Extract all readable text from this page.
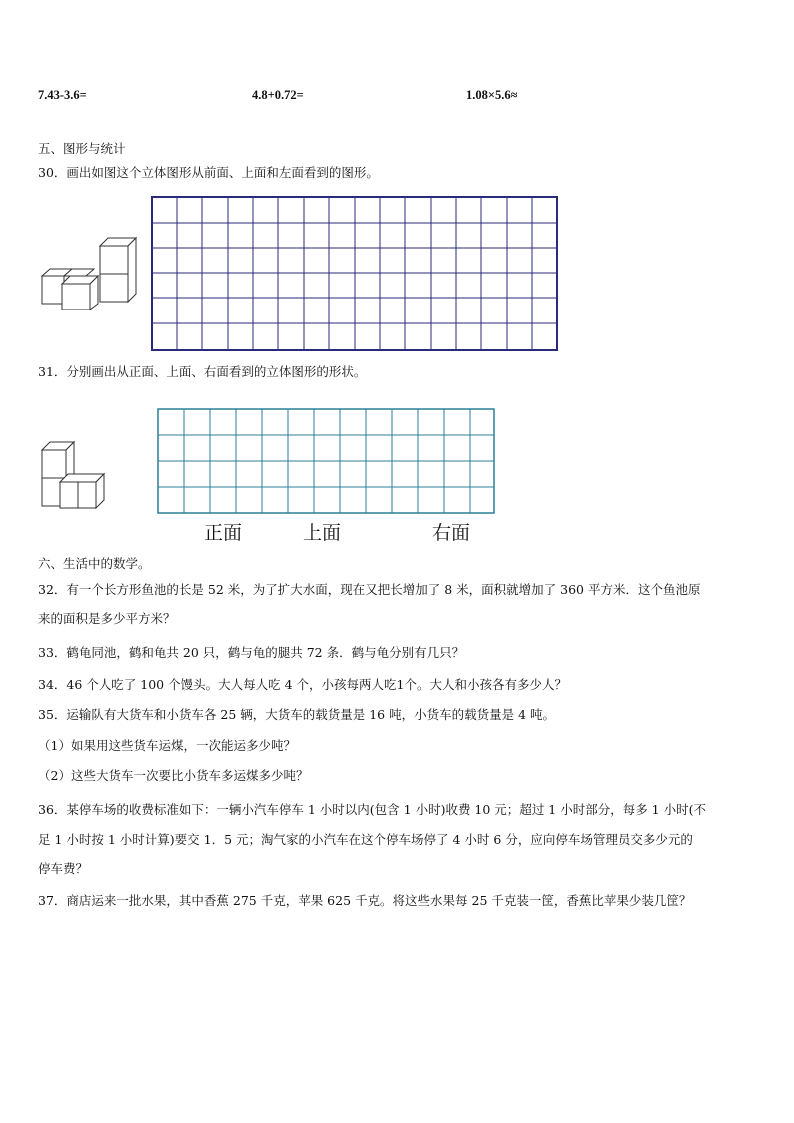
7.43-3.6=	4.8+0.72=	1.08×5.6≈
五、图形与统计
30．画出如图这个立体图形从前面、上面和左面看到的图形。
31．分别画出从正面、上面、右面看到的立体图形的形状。
正面	上面	右面
六、生活中的数学。
32．有一个长方形鱼池的长是 52 米，为了扩大水面，现在又把长增加了 8 米，面积就增加了 360 平方米．这个鱼池原
来的面积是多少平方米？
33．鹤龟同池，鹤和龟共 20 只，鹤与龟的腿共 72 条．鹤与龟分别有几只？
34．46 个人吃了 100 个馒头。大人每人吃 4 个，小孩每两人吃1个。大人和小孩各有多少人？
35．运输队有大货车和小货车各 25 辆，大货车的载货量是 16 吨，小货车的载货量是 4 吨。
（1）如果用这些货车运煤，一次能运多少吨？
（2）这些大货车一次要比小货车多运煤多少吨？
36．某停车场的收费标准如下：一辆小汽车停车 1 小时以内(包含 1 小时)收费 10 元；超过 1 小时部分，每多 1 小时(不
足 1 小时按 1 小时计算)要交 1．5 元；淘气家的小汽车在这个停车场停了 4 小时 6 分，应向停车场管理员交多少元的
停车费？
37．商店运来一批水果，其中香蕉 275 千克，苹果 625 千克。将这些水果每 25 千克装一筐，香蕉比苹果少装几筐？
